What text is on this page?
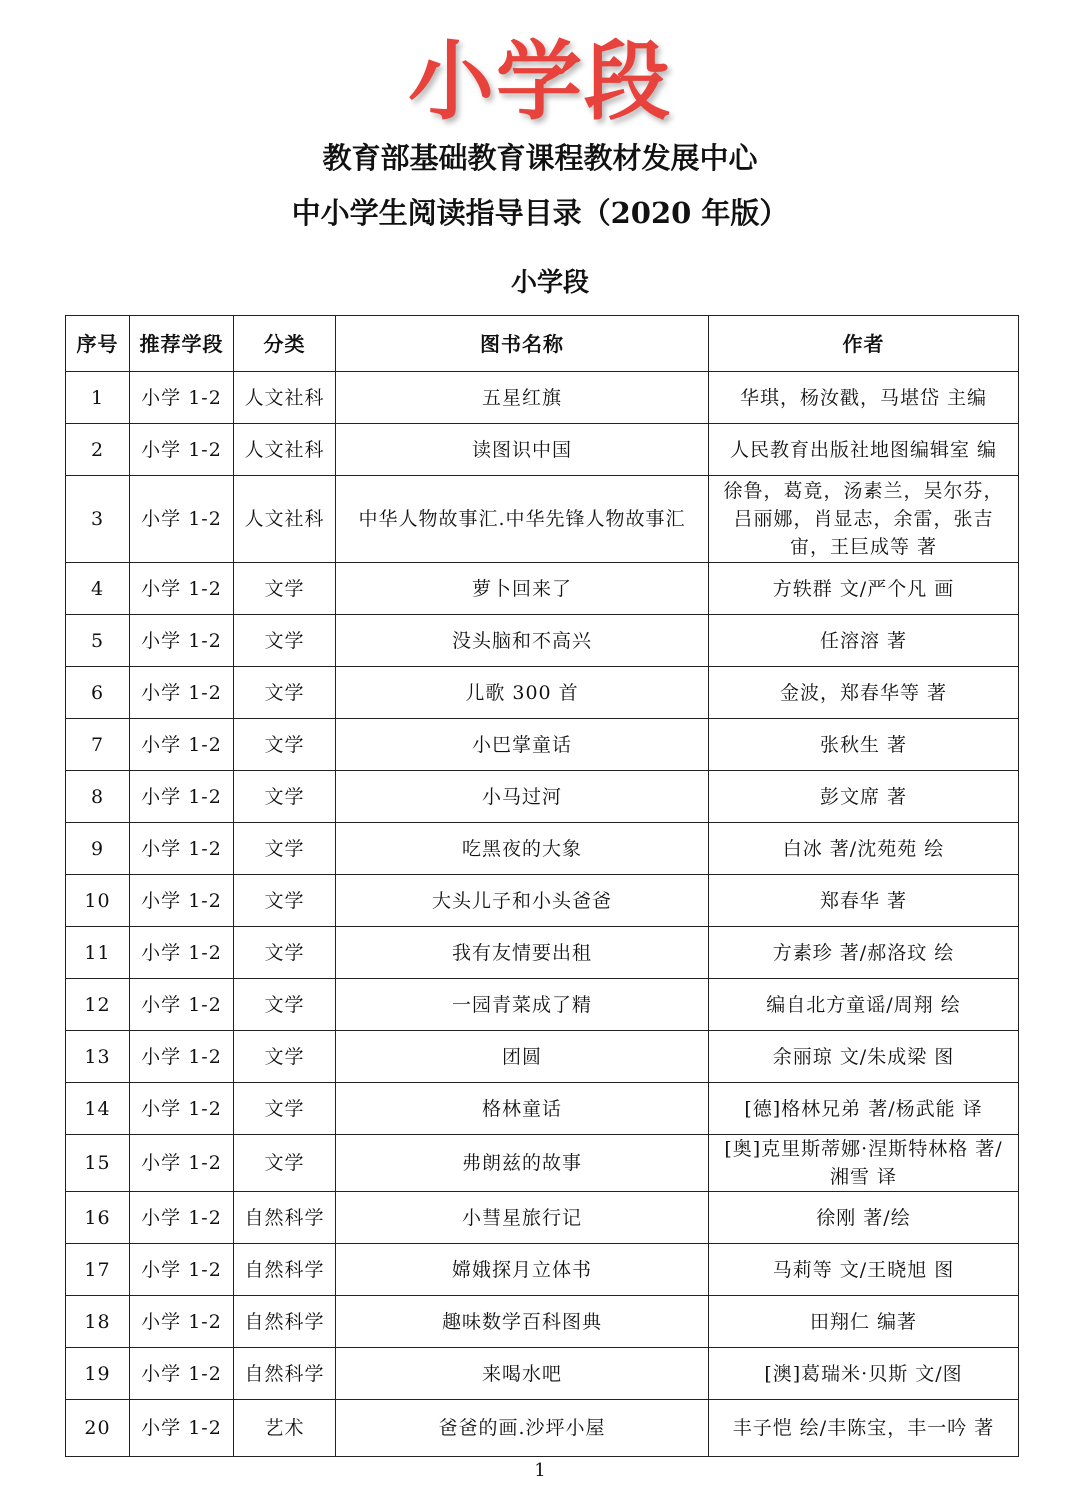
小学段
教育部基础教育课程教材发展中心
中小学生阅读指导目录（2020 年版）
小学段
序号	推荐学段	分类	图书名称	作者
1	小学 1-2	人文社科	五星红旗	华琪，杨汝戳，马堪岱 主编
2	小学 1-2	人文社科	读图识中国	人民教育出版社地图编辑室 编
3	小学 1-2	人文社科	中华人物故事汇.中华先锋人物故事汇	徐鲁，葛竟，汤素兰，吴尔芬，吕丽娜，肖显志，余雷，张吉宙，王巨成等 著
4	小学 1-2	文学	萝卜回来了	方轶群 文/严个凡 画
5	小学 1-2	文学	没头脑和不高兴	任溶溶 著
6	小学 1-2	文学	儿歌 300 首	金波，郑春华等 著
7	小学 1-2	文学	小巴掌童话	张秋生 著
8	小学 1-2	文学	小马过河	彭文席 著
9	小学 1-2	文学	吃黑夜的大象	白冰 著/沈苑苑 绘
10	小学 1-2	文学	大头儿子和小头爸爸	郑春华 著
11	小学 1-2	文学	我有友情要出租	方素珍 著/郝洛玟 绘
12	小学 1-2	文学	一园青菜成了精	编自北方童谣/周翔 绘
13	小学 1-2	文学	团圆	余丽琼 文/朱成梁 图
14	小学 1-2	文学	格林童话	[德]格林兄弟 著/杨武能 译
15	小学 1-2	文学	弗朗兹的故事	[奥]克里斯蒂娜·涅斯特林格 著/湘雪 译
16	小学 1-2	自然科学	小彗星旅行记	徐刚 著/绘
17	小学 1-2	自然科学	嫦娥探月立体书	马莉等 文/王晓旭 图
18	小学 1-2	自然科学	趣味数学百科图典	田翔仁 编著
19	小学 1-2	自然科学	来喝水吧	[澳]葛瑞米·贝斯 文/图
20	小学 1-2	艺术	爸爸的画.沙坪小屋	丰子恺 绘/丰陈宝，丰一吟 著
1
